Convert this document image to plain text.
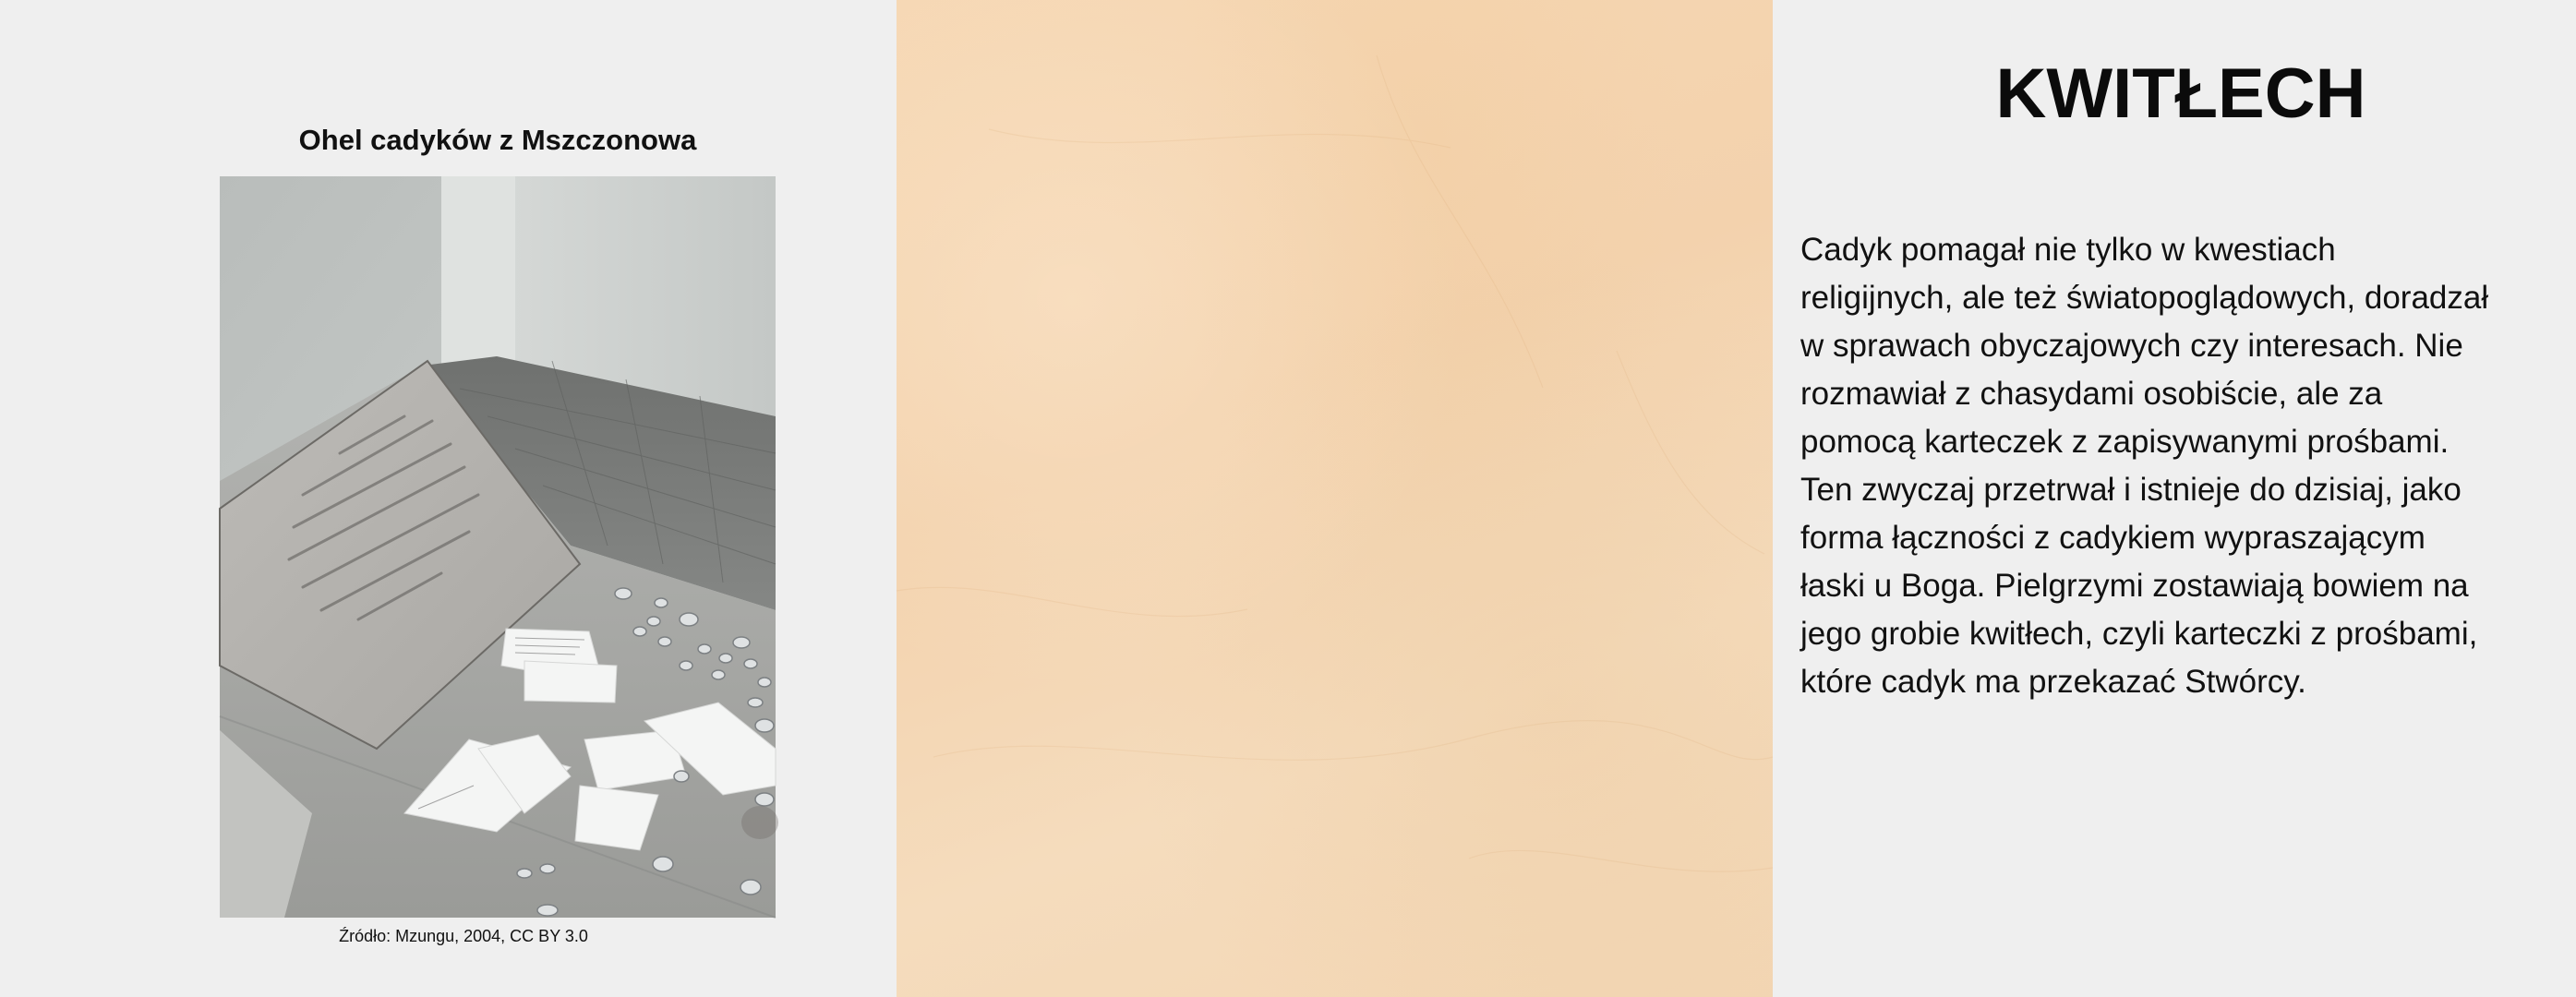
Ohel cadyków z Mszczonowa
Źródło: Mzungu, 2004, CC BY 3.0
KWITŁECH
Cadyk pomagał nie tylko w kwestiach
religijnych, ale też światopoglądowych, doradzał
w sprawach obyczajowych czy interesach. Nie
rozmawiał z chasydami osobiście, ale za
pomocą karteczek z zapisywanymi prośbami.
Ten zwyczaj przetrwał i istnieje do dzisiaj, jako
forma łączności z cadykiem wypraszającym
łaski u Boga. Pielgrzymi zostawiają bowiem na
jego grobie kwitłech, czyli karteczki z prośbami,
które cadyk ma przekazać Stwórcy.
